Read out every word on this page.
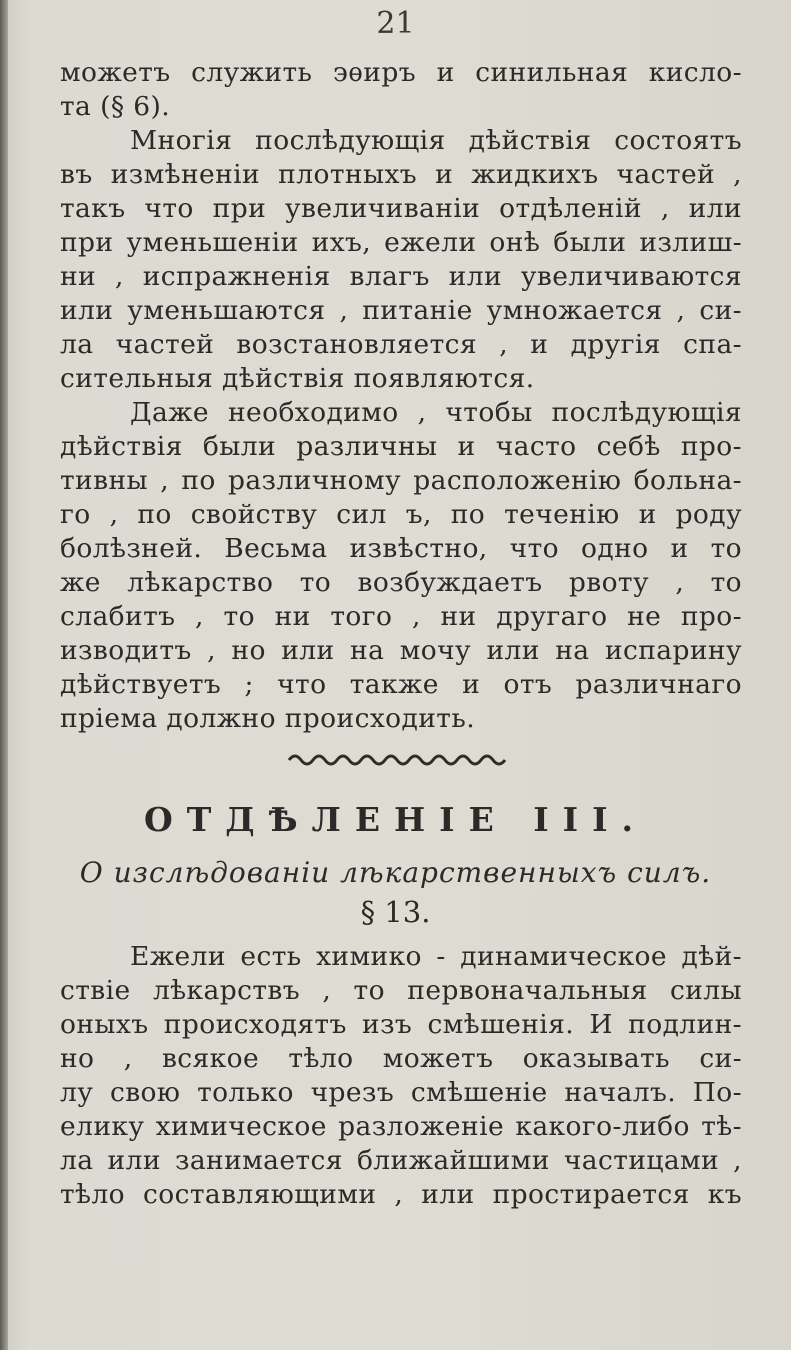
21
можетъ служить эѳиръ и синильная кисло-
та (§ 6).
Многія послѣдующія дѣйствія состоятъ
въ измѣненіи плотныхъ и жидкихъ частей ,
такъ что при увеличиваніи отдѣленій , или
при уменьшеніи ихъ, ежели онѣ были излиш-
ни , испражненія влагъ или увеличиваются
или уменьшаются , питаніе умножается , си-
ла частей возстановляется , и другія спа-
сительныя дѣйствія появляются.
Даже необходимо , чтобы послѣдующія
дѣйствія были различны и часто себѣ про-
тивны , по различному расположенію больна-
го , по свойству сил ъ, по теченію и роду
болѣзней. Весьма извѣстно, что одно и то
же лѣкарство то возбуждаетъ рвоту , то
слабитъ , то ни того , ни другаго не про-
изводитъ , но или на мочу или на испарину
дѣйствуетъ ; что также и отъ различнаго
пріема должно происходить.
ОТДѢЛЕНІЕ III.
О изслѣдованіи лѣкарственныхъ силъ.
§ 13.
Ежели есть химико - динамическое дѣй-
ствіе лѣкарствъ , то первоначальныя силы
оныхъ происходятъ изъ смѣшенія. И подлин-
но , всякое тѣло можетъ оказывать си-
лу свою только чрезъ смѣшеніе началъ. По-
елику химическое разложеніе какого-либо тѣ-
ла или занимается ближайшими частицами ,
тѣло составляющими , или простирается къ
